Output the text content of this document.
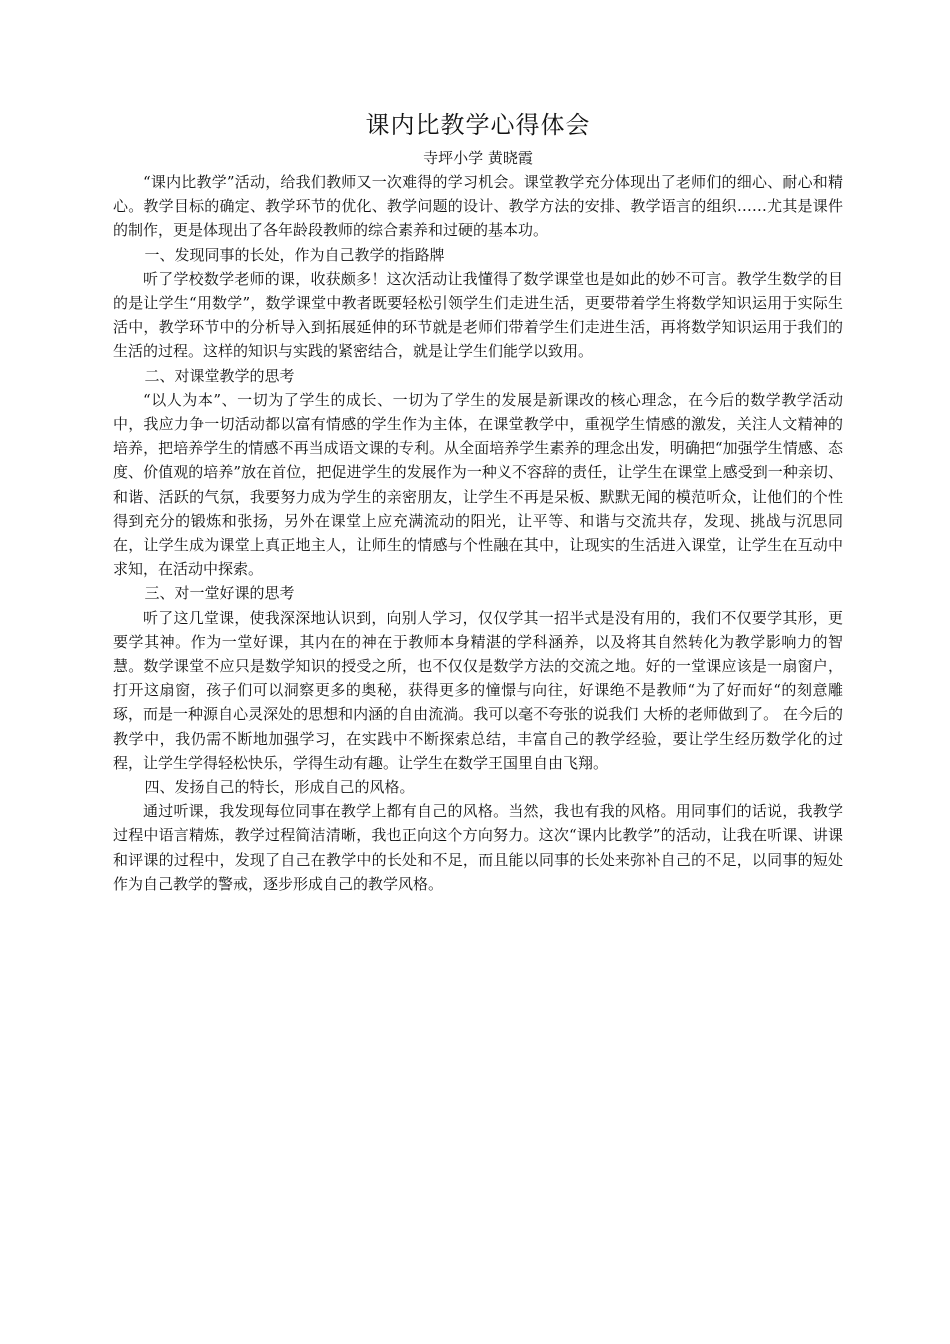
课内比教学心得体会

寺坪小学 黄晓霞

“课内比教学”活动，给我们教师又一次难得的学习机会。课堂教学充分体现出了老师们的细心、耐心和精心。教学目标的确定、教学环节的优化、教学问题的设计、教学方法的安排、教学语言的组织……尤其是课件的制作，更是体现出了各年龄段教师的综合素养和过硬的基本功。

一、发现同事的长处，作为自己教学的指路牌

听了学校数学老师的课，收获颇多！这次活动让我懂得了数学课堂也是如此的妙不可言。教学生数学的目的是让学生“用数学”，数学课堂中教者既要轻松引领学生们走进生活，更要带着学生将数学知识运用于实际生活中，教学环节中的分析导入到拓展延伸的环节就是老师们带着学生们走进生活，再将数学知识运用于我们的生活的过程。这样的知识与实践的紧密结合，就是让学生们能学以致用。

二、对课堂教学的思考

“以人为本”、一切为了学生的成长、一切为了学生的发展是新课改的核心理念，在今后的数学教学活动中，我应力争一切活动都以富有情感的学生作为主体，在课堂教学中，重视学生情感的激发，关注人文精神的培养，把培养学生的情感不再当成语文课的专利。从全面培养学生素养的理念出发，明确把“加强学生情感、态度、价值观的培养”放在首位，把促进学生的发展作为一种义不容辞的责任，让学生在课堂上感受到一种亲切、和谐、活跃的气氛，我要努力成为学生的亲密朋友，让学生不再是呆板、默默无闻的模范听众，让他们的个性得到充分的锻炼和张扬，另外在课堂上应充满流动的阳光，让平等、和谐与交流共存，发现、挑战与沉思同在，让学生成为课堂上真正地主人，让师生的情感与个性融在其中，让现实的生活进入课堂，让学生在互动中求知，在活动中探索。

三、对一堂好课的思考

听了这几堂课，使我深深地认识到，向别人学习，仅仅学其一招半式是没有用的，我们不仅要学其形，更要学其神。作为一堂好课，其内在的神在于教师本身精湛的学科涵养，以及将其自然转化为教学影响力的智慧。数学课堂不应只是数学知识的授受之所，也不仅仅是数学方法的交流之地。好的一堂课应该是一扇窗户，打开这扇窗，孩子们可以洞察更多的奥秘，获得更多的憧憬与向往，好课绝不是教师“为了好而好“的刻意雕琢，而是一种源自心灵深处的思想和内涵的自由流淌。我可以毫不夸张的说我们 大桥的老师做到了。 在今后的教学中，我仍需不断地加强学习，在实践中不断探索总结，丰富自己的教学经验，要让学生经历数学化的过程，让学生学得轻松快乐，学得生动有趣。让学生在数学王国里自由飞翔。

四、发扬自己的特长，形成自己的风格。

通过听课，我发现每位同事在教学上都有自己的风格。当然，我也有我的风格。用同事们的话说，我教学过程中语言精炼，教学过程简洁清晰，我也正向这个方向努力。这次“课内比教学”的活动，让我在听课、讲课和评课的过程中，发现了自己在教学中的长处和不足，而且能以同事的长处来弥补自己的不足，以同事的短处作为自己教学的警戒，逐步形成自己的教学风格。
